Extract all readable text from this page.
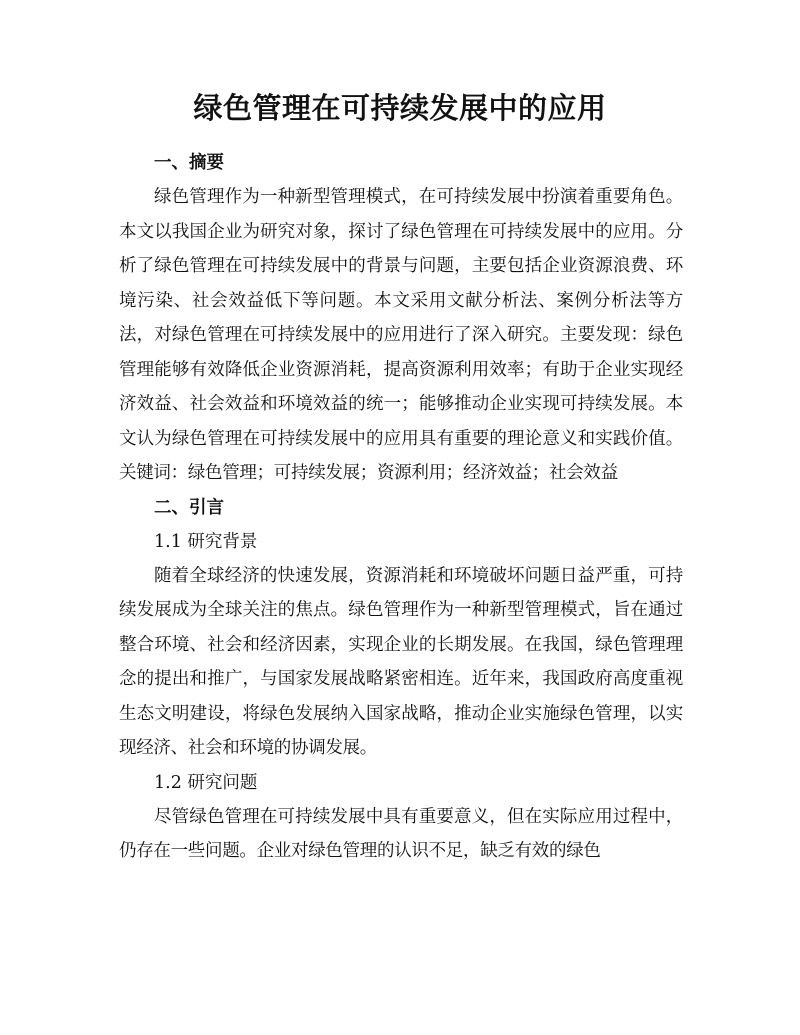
绿色管理在可持续发展中的应用

一、摘要

绿色管理作为一种新型管理模式，在可持续发展中扮演着重要角色。本文以我国企业为研究对象，探讨了绿色管理在可持续发展中的应用。分析了绿色管理在可持续发展中的背景与问题，主要包括企业资源浪费、环境污染、社会效益低下等问题。本文采用文献分析法、案例分析法等方法，对绿色管理在可持续发展中的应用进行了深入研究。主要发现：绿色管理能够有效降低企业资源消耗，提高资源利用效率；有助于企业实现经济效益、社会效益和环境效益的统一；能够推动企业实现可持续发展。本文认为绿色管理在可持续发展中的应用具有重要的理论意义和实践价值。关键词：绿色管理；可持续发展；资源利用；经济效益；社会效益

二、引言

1.1 研究背景

随着全球经济的快速发展，资源消耗和环境破坏问题日益严重，可持续发展成为全球关注的焦点。绿色管理作为一种新型管理模式，旨在通过整合环境、社会和经济因素，实现企业的长期发展。在我国，绿色管理理念的提出和推广，与国家发展战略紧密相连。近年来，我国政府高度重视生态文明建设，将绿色发展纳入国家战略，推动企业实施绿色管理，以实现经济、社会和环境的协调发展。

1.2 研究问题

尽管绿色管理在可持续发展中具有重要意义，但在实际应用过程中，仍存在一些问题。企业对绿色管理的认识不足，缺乏有效的绿色
